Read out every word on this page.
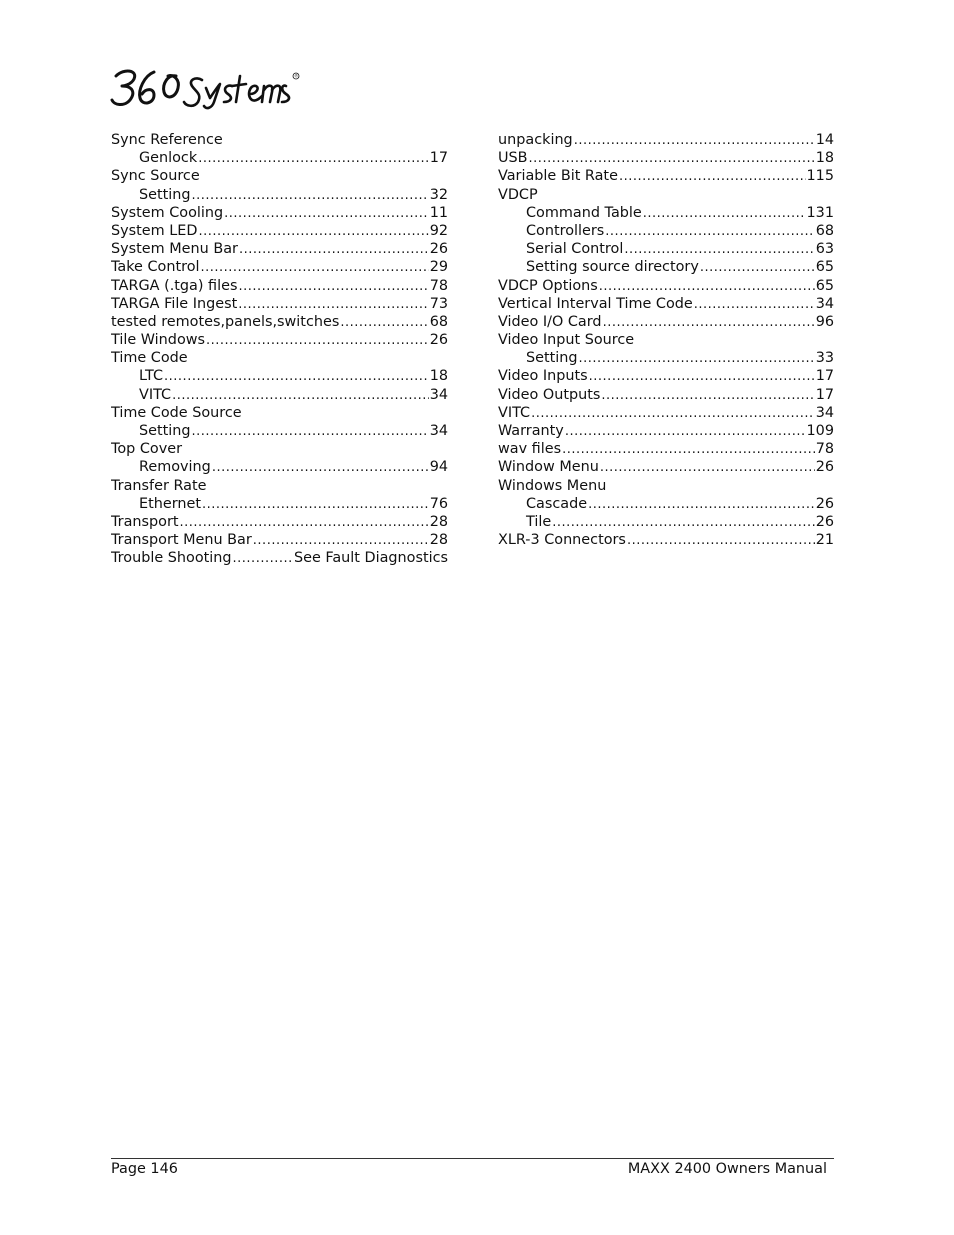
®
Sync Reference
Genlock .....	17
Sync Source
Setting .....	32
System Cooling .....	11
System LED .....	92
System Menu Bar .....	26
Take Control .....	29
TARGA (.tga) files .....	78
TARGA File Ingest .....	73
tested remotes,panels,switches .....	68
Tile Windows .....	26
Time Code
LTC .....	18
VITC .....	34
Time Code Source
Setting .....	34
Top Cover
Removing .....	94
Transfer Rate
Ethernet .....	76
Transport .....	28
Transport Menu Bar .....	28
Trouble Shooting .....	See Fault Diagnostics
unpacking .....	14
USB .....	18
Variable Bit Rate .....	115
VDCP
Command Table .....	131
Controllers .....	68
Serial Control .....	63
Setting source directory .....	65
VDCP Options .....	65
Vertical Interval Time Code .....	34
Video I/O Card .....	96
Video Input Source
Setting .....	33
Video Inputs .....	17
Video Outputs .....	17
VITC .....	34
Warranty .....	109
wav files .....	78
Window Menu .....	26
Windows Menu
Cascade .....	26
Tile .....	26
XLR-3 Connectors .....	21
Page 146	MAXX 2400 Owners Manual
